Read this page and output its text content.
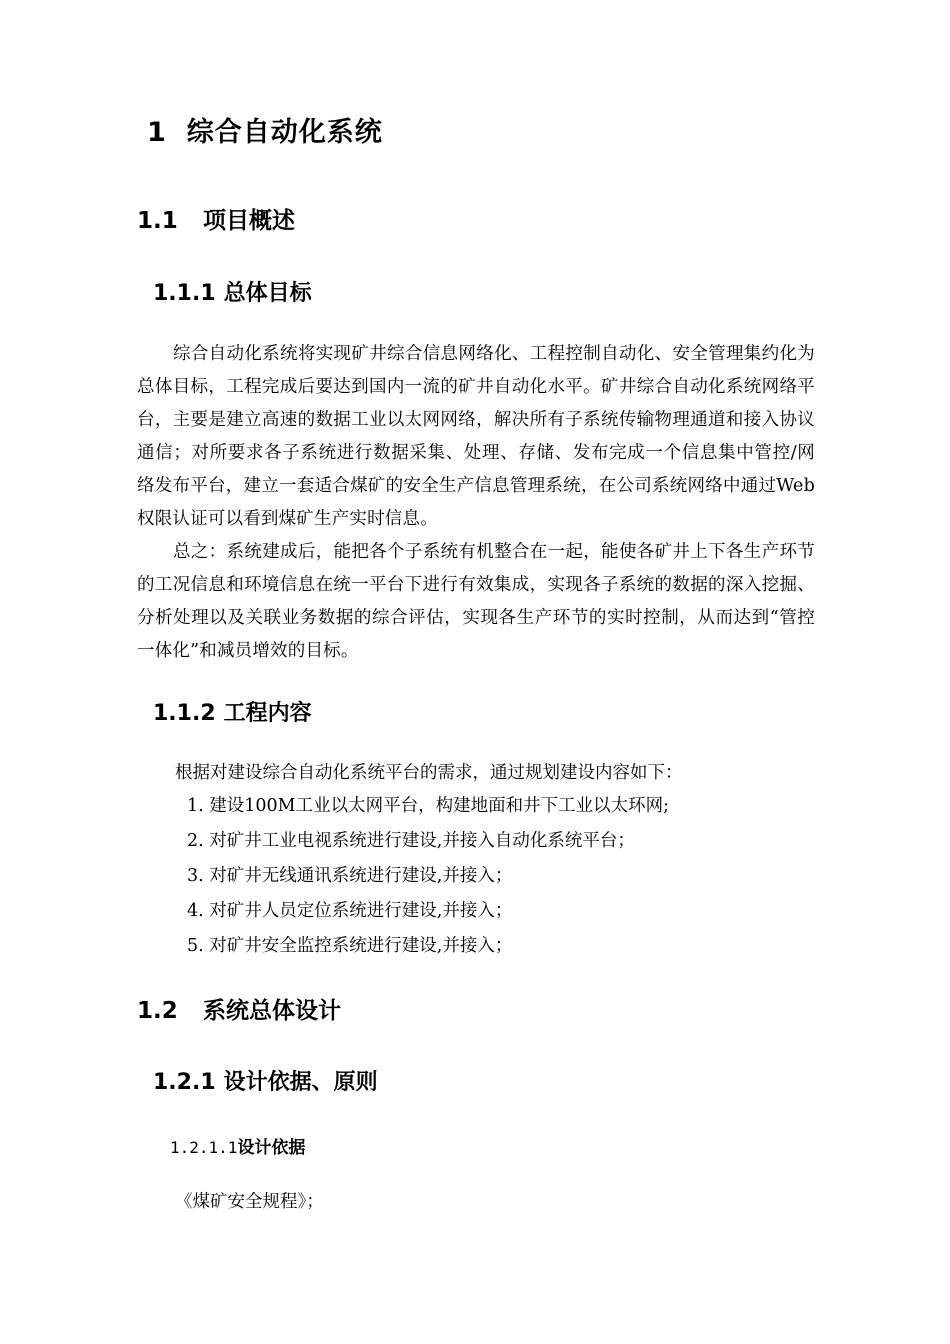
1 综合自动化系统
1.1 项目概述
1.1.1 总体目标

综合自动化系统将实现矿井综合信息网络化、工程控制自动化、安全管理集约化为总体目标，工程完成后要达到国内一流的矿井自动化水平。矿井综合自动化系统网络平台，主要是建立高速的数据工业以太网网络，解决所有子系统传输物理通道和接入协议通信；对所要求各子系统进行数据采集、处理、存储、发布完成一个信息集中管控/网络发布平台，建立一套适合煤矿的安全生产信息管理系统，在公司系统网络中通过Web权限认证可以看到煤矿生产实时信息。

总之：系统建成后，能把各个子系统有机整合在一起，能使各矿井上下各生产环节的工况信息和环境信息在统一平台下进行有效集成，实现各子系统的数据的深入挖掘、分析处理以及关联业务数据的综合评估，实现各生产环节的实时控制，从而达到“管控一体化”和减员增效的目标。

1.1.2 工程内容

根据对建设综合自动化系统平台的需求，通过规划建设内容如下：

1. 建设100M工业以太网平台，构建地面和井下工业以太环网;

2. 对矿井工业电视系统进行建设,并接入自动化系统平台；

3. 对矿井无线通讯系统进行建设,并接入；

4. 对矿井人员定位系统进行建设,并接入；

5. 对矿井安全监控系统进行建设,并接入；

1.2 系统总体设计
1.2.1 设计依据、原则
1.2.1.1设计依据

《煤矿安全规程》；
